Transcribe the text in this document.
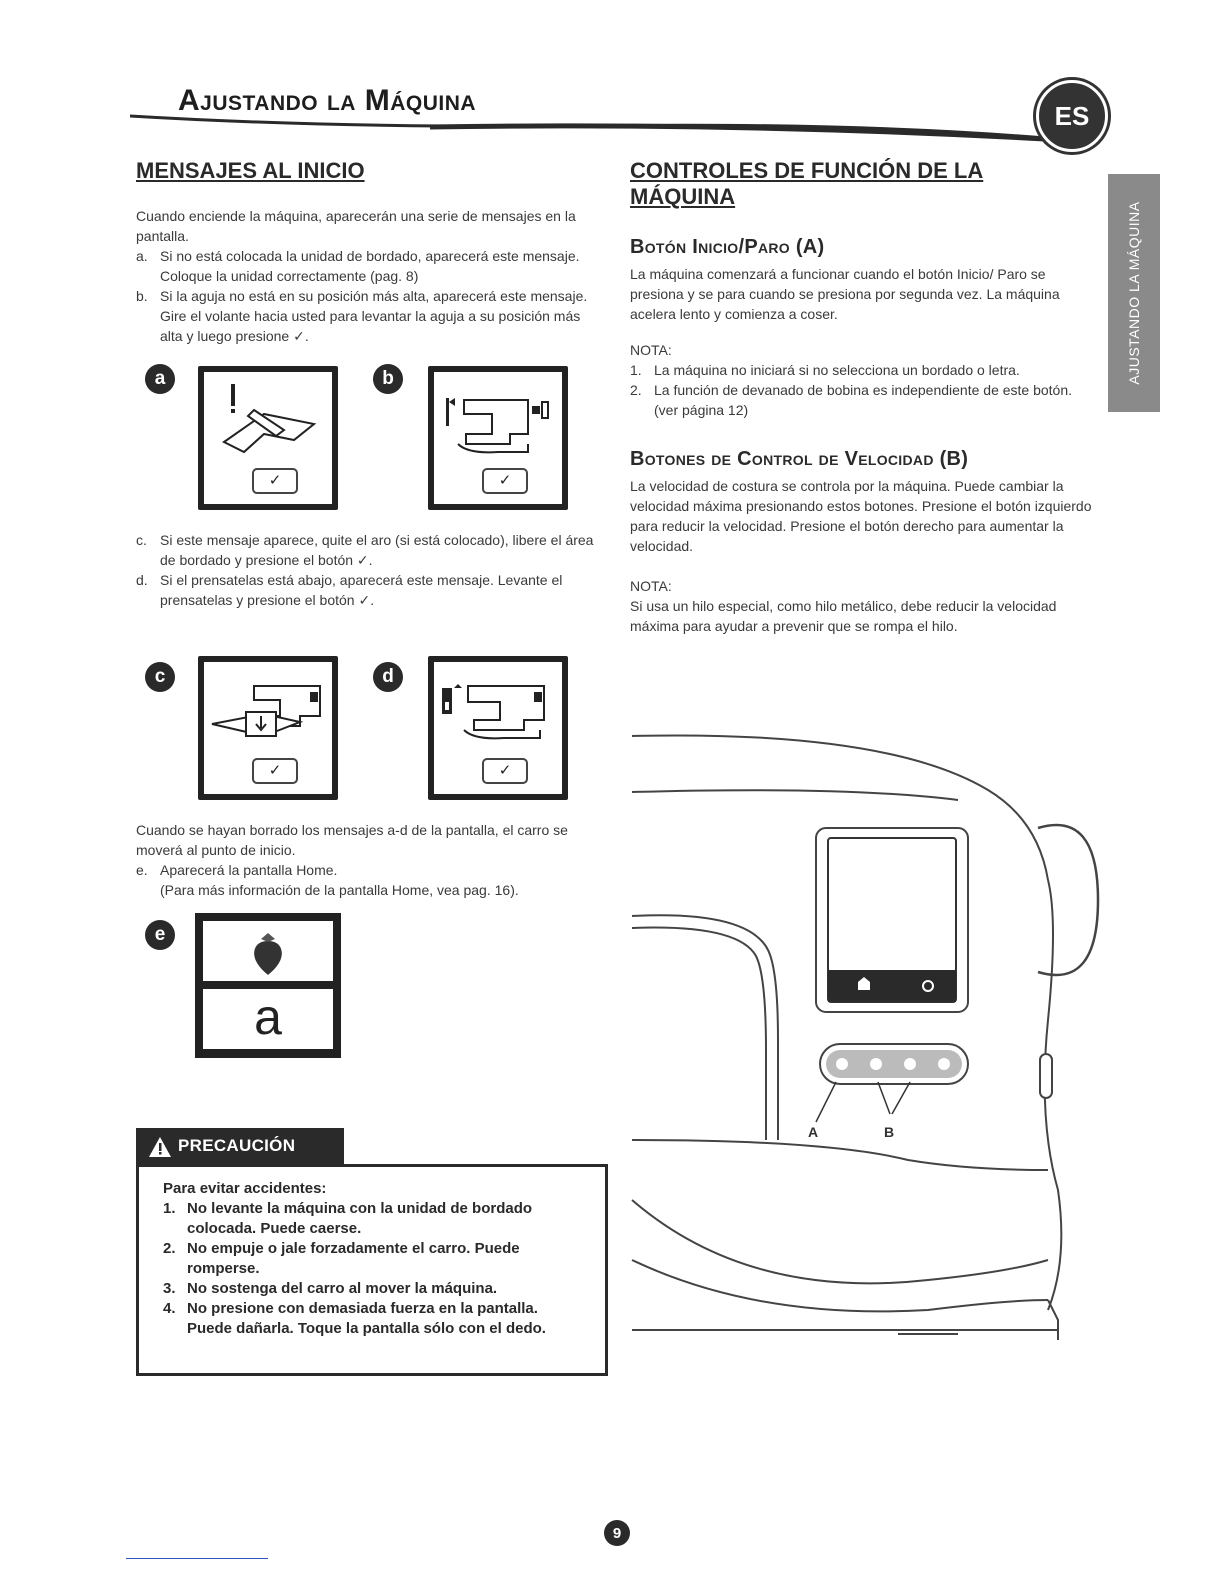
Ajustando la Máquina	ES
AJUSTANDO LA MÁQUINA
MENSAJES AL INICIO

Cuando enciende la máquina, aparecerán una serie de mensajes en la pantalla.

a. Si no está colocada la unidad de bordado, aparecerá este mensaje. Coloque la unidad correctamente (pag. 8)
b. Si la aguja no está en su posición más alta, aparecerá este mensaje. Gire el volante hacia usted para levantar la aguja a su posición más alta y luego presione ✓.
a
✓
b
✓
c. Si este mensaje aparece, quite el aro (si está colocado), libere el área de bordado y presione el botón ✓.
d. Si el prensatelas está abajo, aparecerá este mensaje. Levante el prensatelas y presione el botón ✓.
c
✓
d
✓

Cuando se hayan borrado los mensajes a-d de la pantalla, el carro se moverá al punto de inicio.

e. Aparecerá la pantalla Home.
(Para más información de la pantalla Home, vea pag. 16).
e
a
PRECAUCIÓN
Para evitar accidentes:
1. No levante la máquina con la unidad de bordado colocada. Puede caerse.
2. No empuje o jale forzadamente el carro. Puede romperse.
3. No sostenga del carro al mover la máquina.
4. No presione con demasiada fuerza en la pantalla. Puede dañarla. Toque la pantalla sólo con el dedo.
CONTROLES DE FUNCIÓN DE LA MÁQUINA
Botón Inicio/Paro (A)

La máquina comenzará a funcionar cuando el botón Inicio/ Paro se presiona y se para cuando se presiona por segunda vez. La máquina acelera lento y comienza a coser.

NOTA:
1. La máquina no iniciará si no selecciona un bordado o letra.
2. La función de devanado de bobina es independiente de este botón. (ver página 12)
Botones de Control de Velocidad (B)

La velocidad de costura se controla por la máquina. Puede cambiar la velocidad máxima presionando estos botones. Presione el botón izquierdo para reducir la velocidad. Presione el botón derecho para aumentar la velocidad.

NOTA:

Si usa un hilo especial, como hilo metálico, debe reducir la velocidad máxima para ayudar a prevenir que se rompa el hilo.

A	B
9
